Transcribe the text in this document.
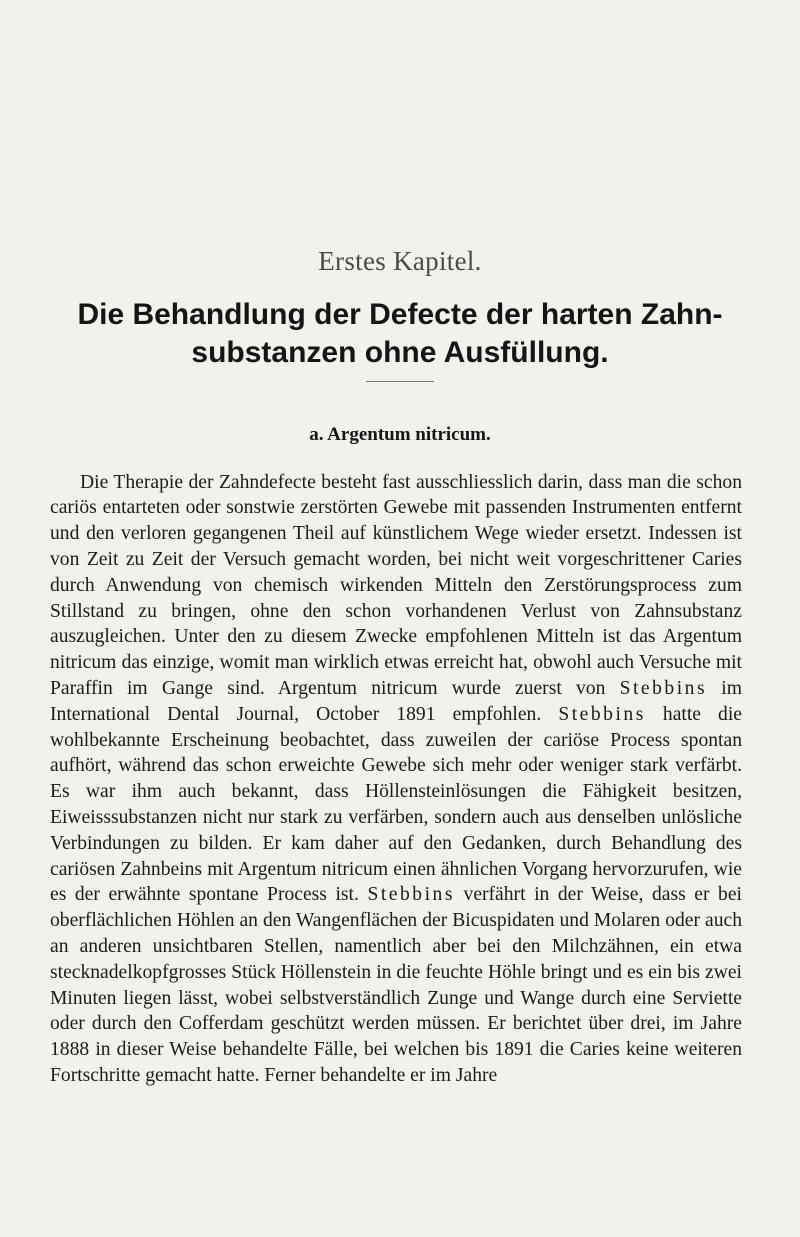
Erstes Kapitel.
Die Behandlung der Defecte der harten Zahn-substanzen ohne Ausfüllung.
a. Argentum nitricum.

Die Therapie der Zahndefecte besteht fast ausschliesslich darin, dass man die schon cariös entarteten oder sonstwie zerstörten Gewebe mit passenden Instrumenten entfernt und den verloren gegangenen Theil auf künstlichem Wege wieder ersetzt. Indessen ist von Zeit zu Zeit der Versuch gemacht worden, bei nicht weit vorgeschrittener Caries durch Anwendung von chemisch wirkenden Mitteln den Zerstörungsprocess zum Stillstand zu bringen, ohne den schon vorhandenen Verlust von Zahnsubstanz auszugleichen. Unter den zu diesem Zwecke empfohlenen Mitteln ist das Argentum nitricum das einzige, womit man wirklich etwas erreicht hat, obwohl auch Versuche mit Paraffin im Gange sind. Argentum nitricum wurde zuerst von Stebbins im International Dental Journal, October 1891 empfohlen. Stebbins hatte die wohlbekannte Erscheinung beobachtet, dass zuweilen der cariöse Process spontan aufhört, während das schon erweichte Gewebe sich mehr oder weniger stark verfärbt. Es war ihm auch bekannt, dass Höllensteinlösungen die Fähigkeit besitzen, Eiweisssubstanzen nicht nur stark zu verfärben, sondern auch aus denselben unlösliche Verbindungen zu bilden. Er kam daher auf den Gedanken, durch Behandlung des cariösen Zahnbeins mit Argentum nitricum einen ähnlichen Vorgang hervorzurufen, wie es der erwähnte spontane Process ist. Stebbins verfährt in der Weise, dass er bei oberflächlichen Höhlen an den Wangenflächen der Bicuspidaten und Molaren oder auch an anderen unsichtbaren Stellen, namentlich aber bei den Milchzähnen, ein etwa stecknadelkopfgrosses Stück Höllenstein in die feuchte Höhle bringt und es ein bis zwei Minuten liegen lässt, wobei selbstverständlich Zunge und Wange durch eine Serviette oder durch den Cofferdam geschützt werden müssen. Er berichtet über drei, im Jahre 1888 in dieser Weise behandelte Fälle, bei welchen bis 1891 die Caries keine weiteren Fortschritte gemacht hatte. Ferner behandelte er im Jahre
